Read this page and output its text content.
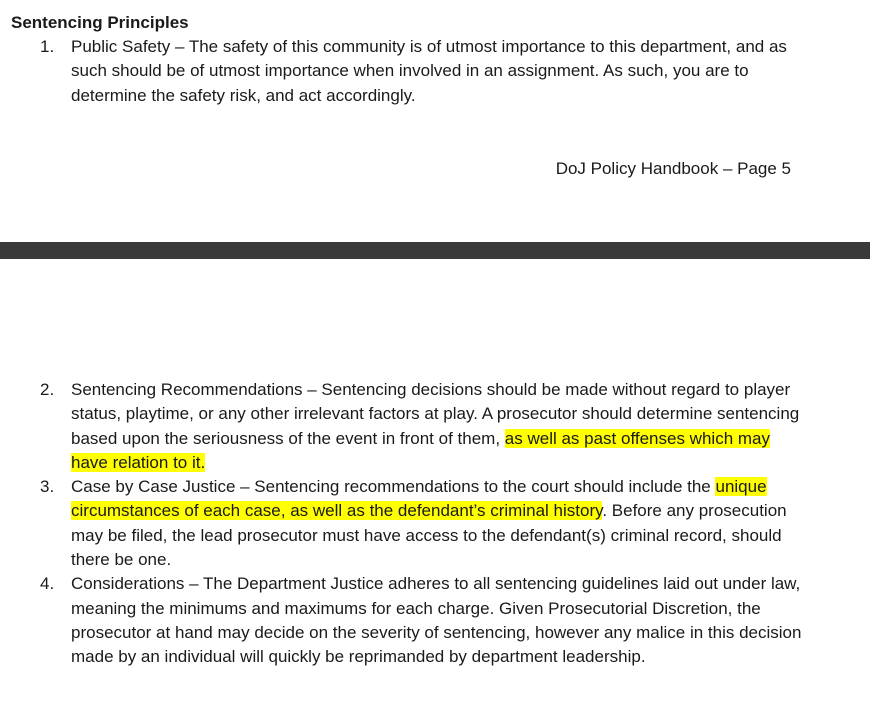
Sentencing Principles
1. Public Safety – The safety of this community is of utmost importance to this department, and as such should be of utmost importance when involved in an assignment. As such, you are to determine the safety risk, and act accordingly.
DoJ Policy Handbook – Page 5
2. Sentencing Recommendations – Sentencing decisions should be made without regard to player status, playtime, or any other irrelevant factors at play. A prosecutor should determine sentencing based upon the seriousness of the event in front of them, as well as past offenses which may have relation to it.
3. Case by Case Justice – Sentencing recommendations to the court should include the unique circumstances of each case, as well as the defendant’s criminal history. Before any prosecution may be filed, the lead prosecutor must have access to the defendant(s) criminal record, should there be one.
4. Considerations – The Department Justice adheres to all sentencing guidelines laid out under law, meaning the minimums and maximums for each charge. Given Prosecutorial Discretion, the prosecutor at hand may decide on the severity of sentencing, however any malice in this decision made by an individual will quickly be reprimanded by department leadership.
